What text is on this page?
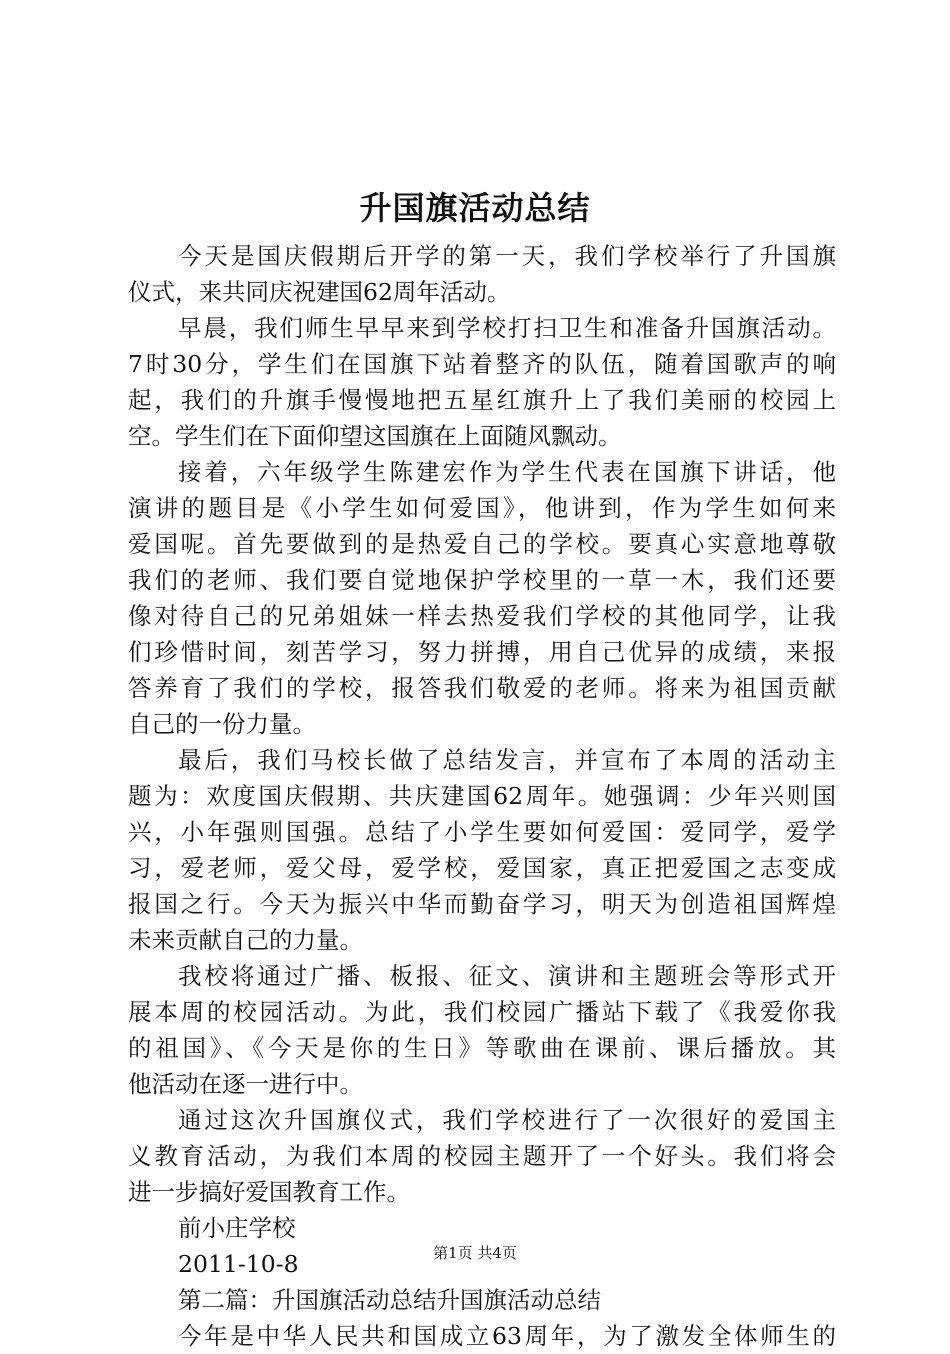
升国旗活动总结
今天是国庆假期后开学的第一天，我们学校举行了升国旗
仪式，来共同庆祝建国62周年活动。
早晨，我们师生早早来到学校打扫卫生和准备升国旗活动。
7时30分，学生们在国旗下站着整齐的队伍，随着国歌声的响
起，我们的升旗手慢慢地把五星红旗升上了我们美丽的校园上
空。学生们在下面仰望这国旗在上面随风飘动。
接着，六年级学生陈建宏作为学生代表在国旗下讲话，他
演讲的题目是《小学生如何爱国》，他讲到，作为学生如何来
爱国呢。首先要做到的是热爱自己的学校。要真心实意地尊敬
我们的老师、我们要自觉地保护学校里的一草一木，我们还要
像对待自己的兄弟姐妹一样去热爱我们学校的其他同学，让我
们珍惜时间，刻苦学习，努力拼搏，用自己优异的成绩，来报
答养育了我们的学校，报答我们敬爱的老师。将来为祖国贡献
自己的一份力量。
最后，我们马校长做了总结发言，并宣布了本周的活动主
题为：欢度国庆假期、共庆建国62周年。她强调：少年兴则国
兴，小年强则国强。总结了小学生要如何爱国：爱同学，爱学
习，爱老师，爱父母，爱学校，爱国家，真正把爱国之志变成
报国之行。今天为振兴中华而勤奋学习，明天为创造祖国辉煌
未来贡献自己的力量。
我校将通过广播、板报、征文、演讲和主题班会等形式开
展本周的校园活动。为此，我们校园广播站下载了《我爱你我
的祖国》、《今天是你的生日》等歌曲在课前、课后播放。其
他活动在逐一进行中。
通过这次升国旗仪式，我们学校进行了一次很好的爱国主
义教育活动，为我们本周的校园主题开了一个好头。我们将会
进一步搞好爱国教育工作。
前小庄学校
2011-10-8
第二篇：升国旗活动总结升国旗活动总结
今年是中华人民共和国成立63周年，为了激发全体师生的
第1页 共4页
